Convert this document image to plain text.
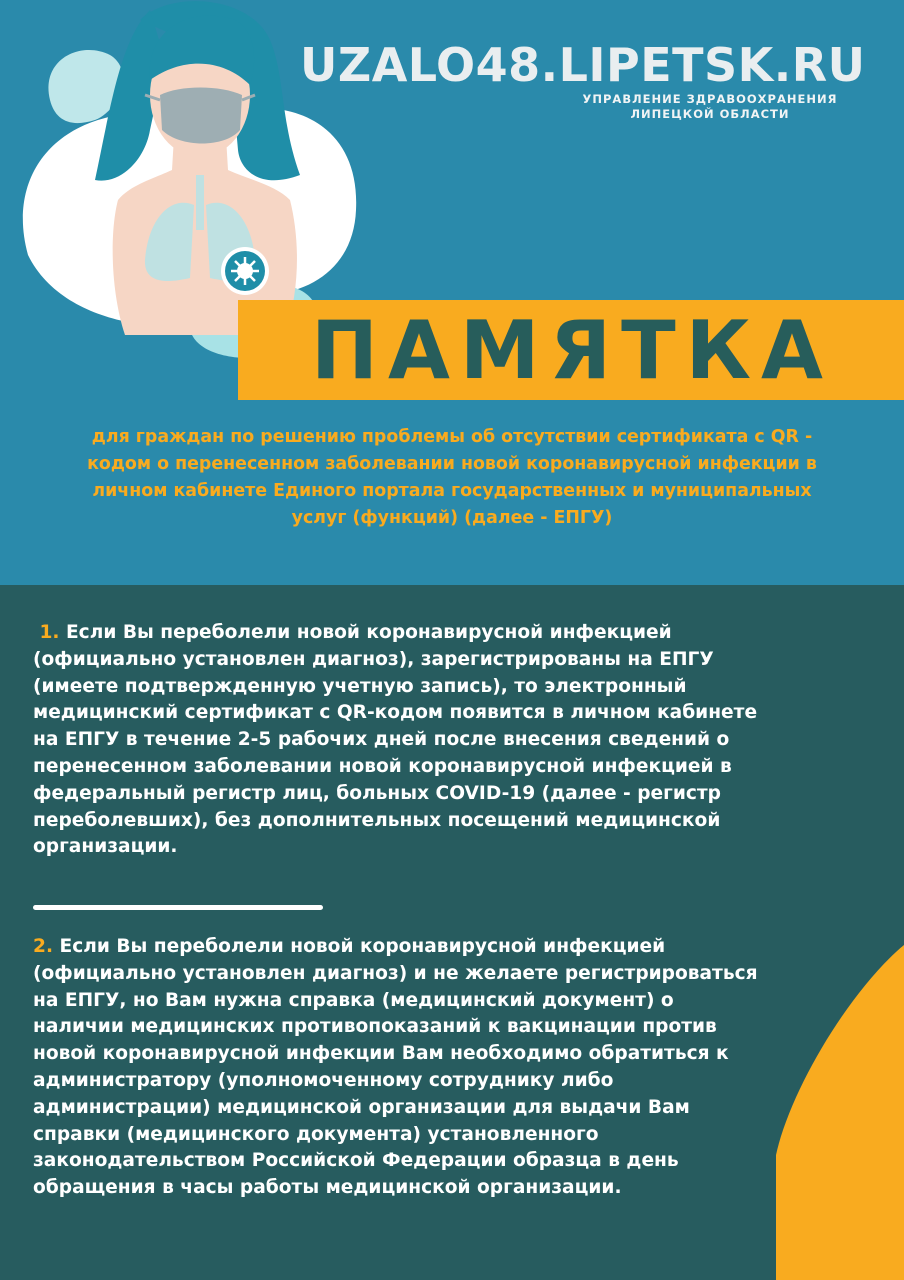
UZALO48.LIPETSK.RU
УПРАВЛЕНИЕ ЗДРАВООХРАНЕНИЯ
ЛИПЕЦКОЙ ОБЛАСТИ
ПАМЯТКА
для граждан по решению проблемы об отсутствии сертификата с QR -
кодом о перенесенном заболевании новой коронавирусной инфекции в
личном кабинете Единого портала государственных и муниципальных
услуг (функций) (далее - ЕПГУ)
1. Если Вы переболели новой коронавирусной инфекцией
(официально установлен диагноз), зарегистрированы на ЕПГУ
(имеете подтвержденную учетную запись), то электронный
медицинский сертификат с QR-кодом появится в личном кабинете
на ЕПГУ в течение 2-5 рабочих дней после внесения сведений о
перенесенном заболевании новой коронавирусной инфекцией в
федеральный регистр лиц, больных COVID-19 (далее - регистр
переболевших), без дополнительных посещений медицинской
организации.
2. Если Вы переболели новой коронавирусной инфекцией
(официально установлен диагноз) и не желаете регистрироваться
на ЕПГУ, но Вам нужна справка (медицинский документ) о
наличии медицинских противопоказаний к вакцинации против
новой коронавирусной инфекции Вам необходимо обратиться к
администратору (уполномоченному сотруднику либо
администрации) медицинской организации для выдачи Вам
справки (медицинского документа) установленного
законодательством Российской Федерации образца в день
обращения в часы работы медицинской организации.
